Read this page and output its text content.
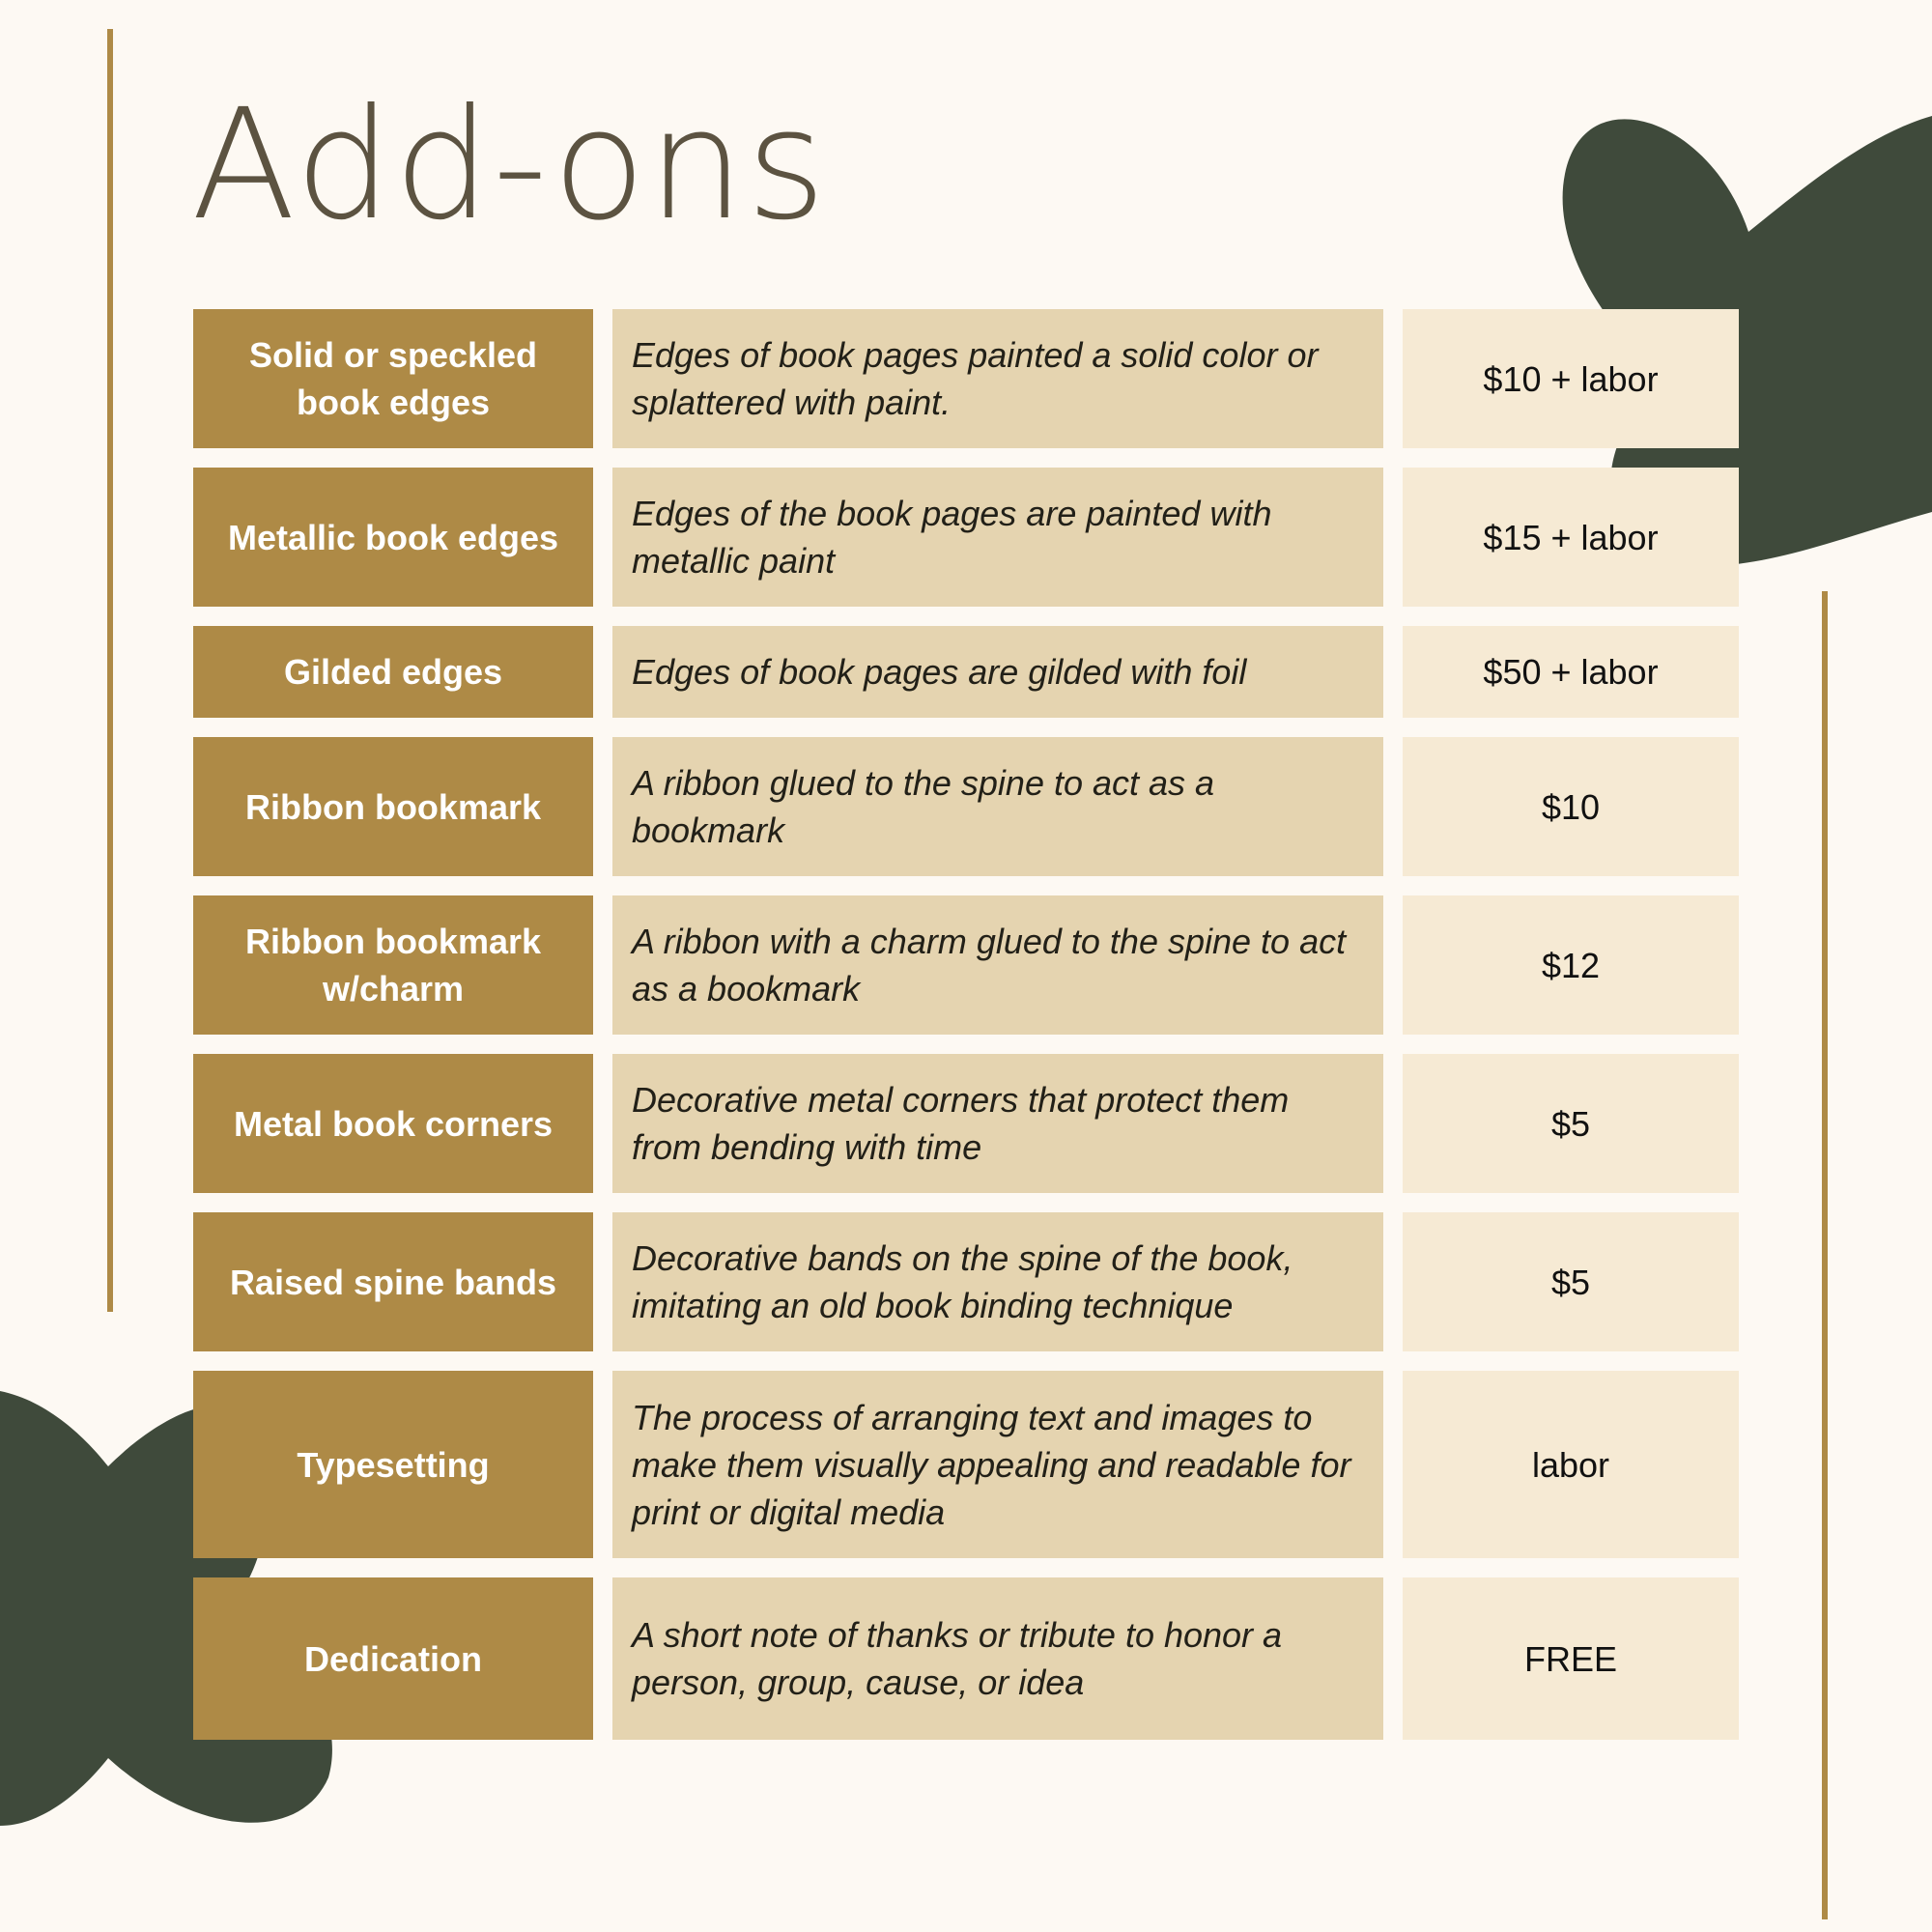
Add-ons
Solid or speckled book edges
Edges of book pages painted a solid color or splattered with paint.
$10 + labor
Metallic book edges
Edges of the book pages are painted with metallic paint
$15 + labor
Gilded edges	Edges of book pages are gilded with foil	$50 + labor
Ribbon bookmark
A ribbon glued to the spine to act as a bookmark
$10
Ribbon bookmark w/charm
A ribbon with a charm glued to the spine to act as a bookmark
$12
Metal book corners
Decorative metal corners that protect them from bending with time
$5
Raised spine bands
Decorative bands on the spine of the book, imitating an old book binding technique
$5
Typesetting
The process of arranging text and images to make them visually appealing and readable for print or digital media
labor
Dedication
A short note of thanks or tribute to honor a person, group, cause, or idea
FREE
